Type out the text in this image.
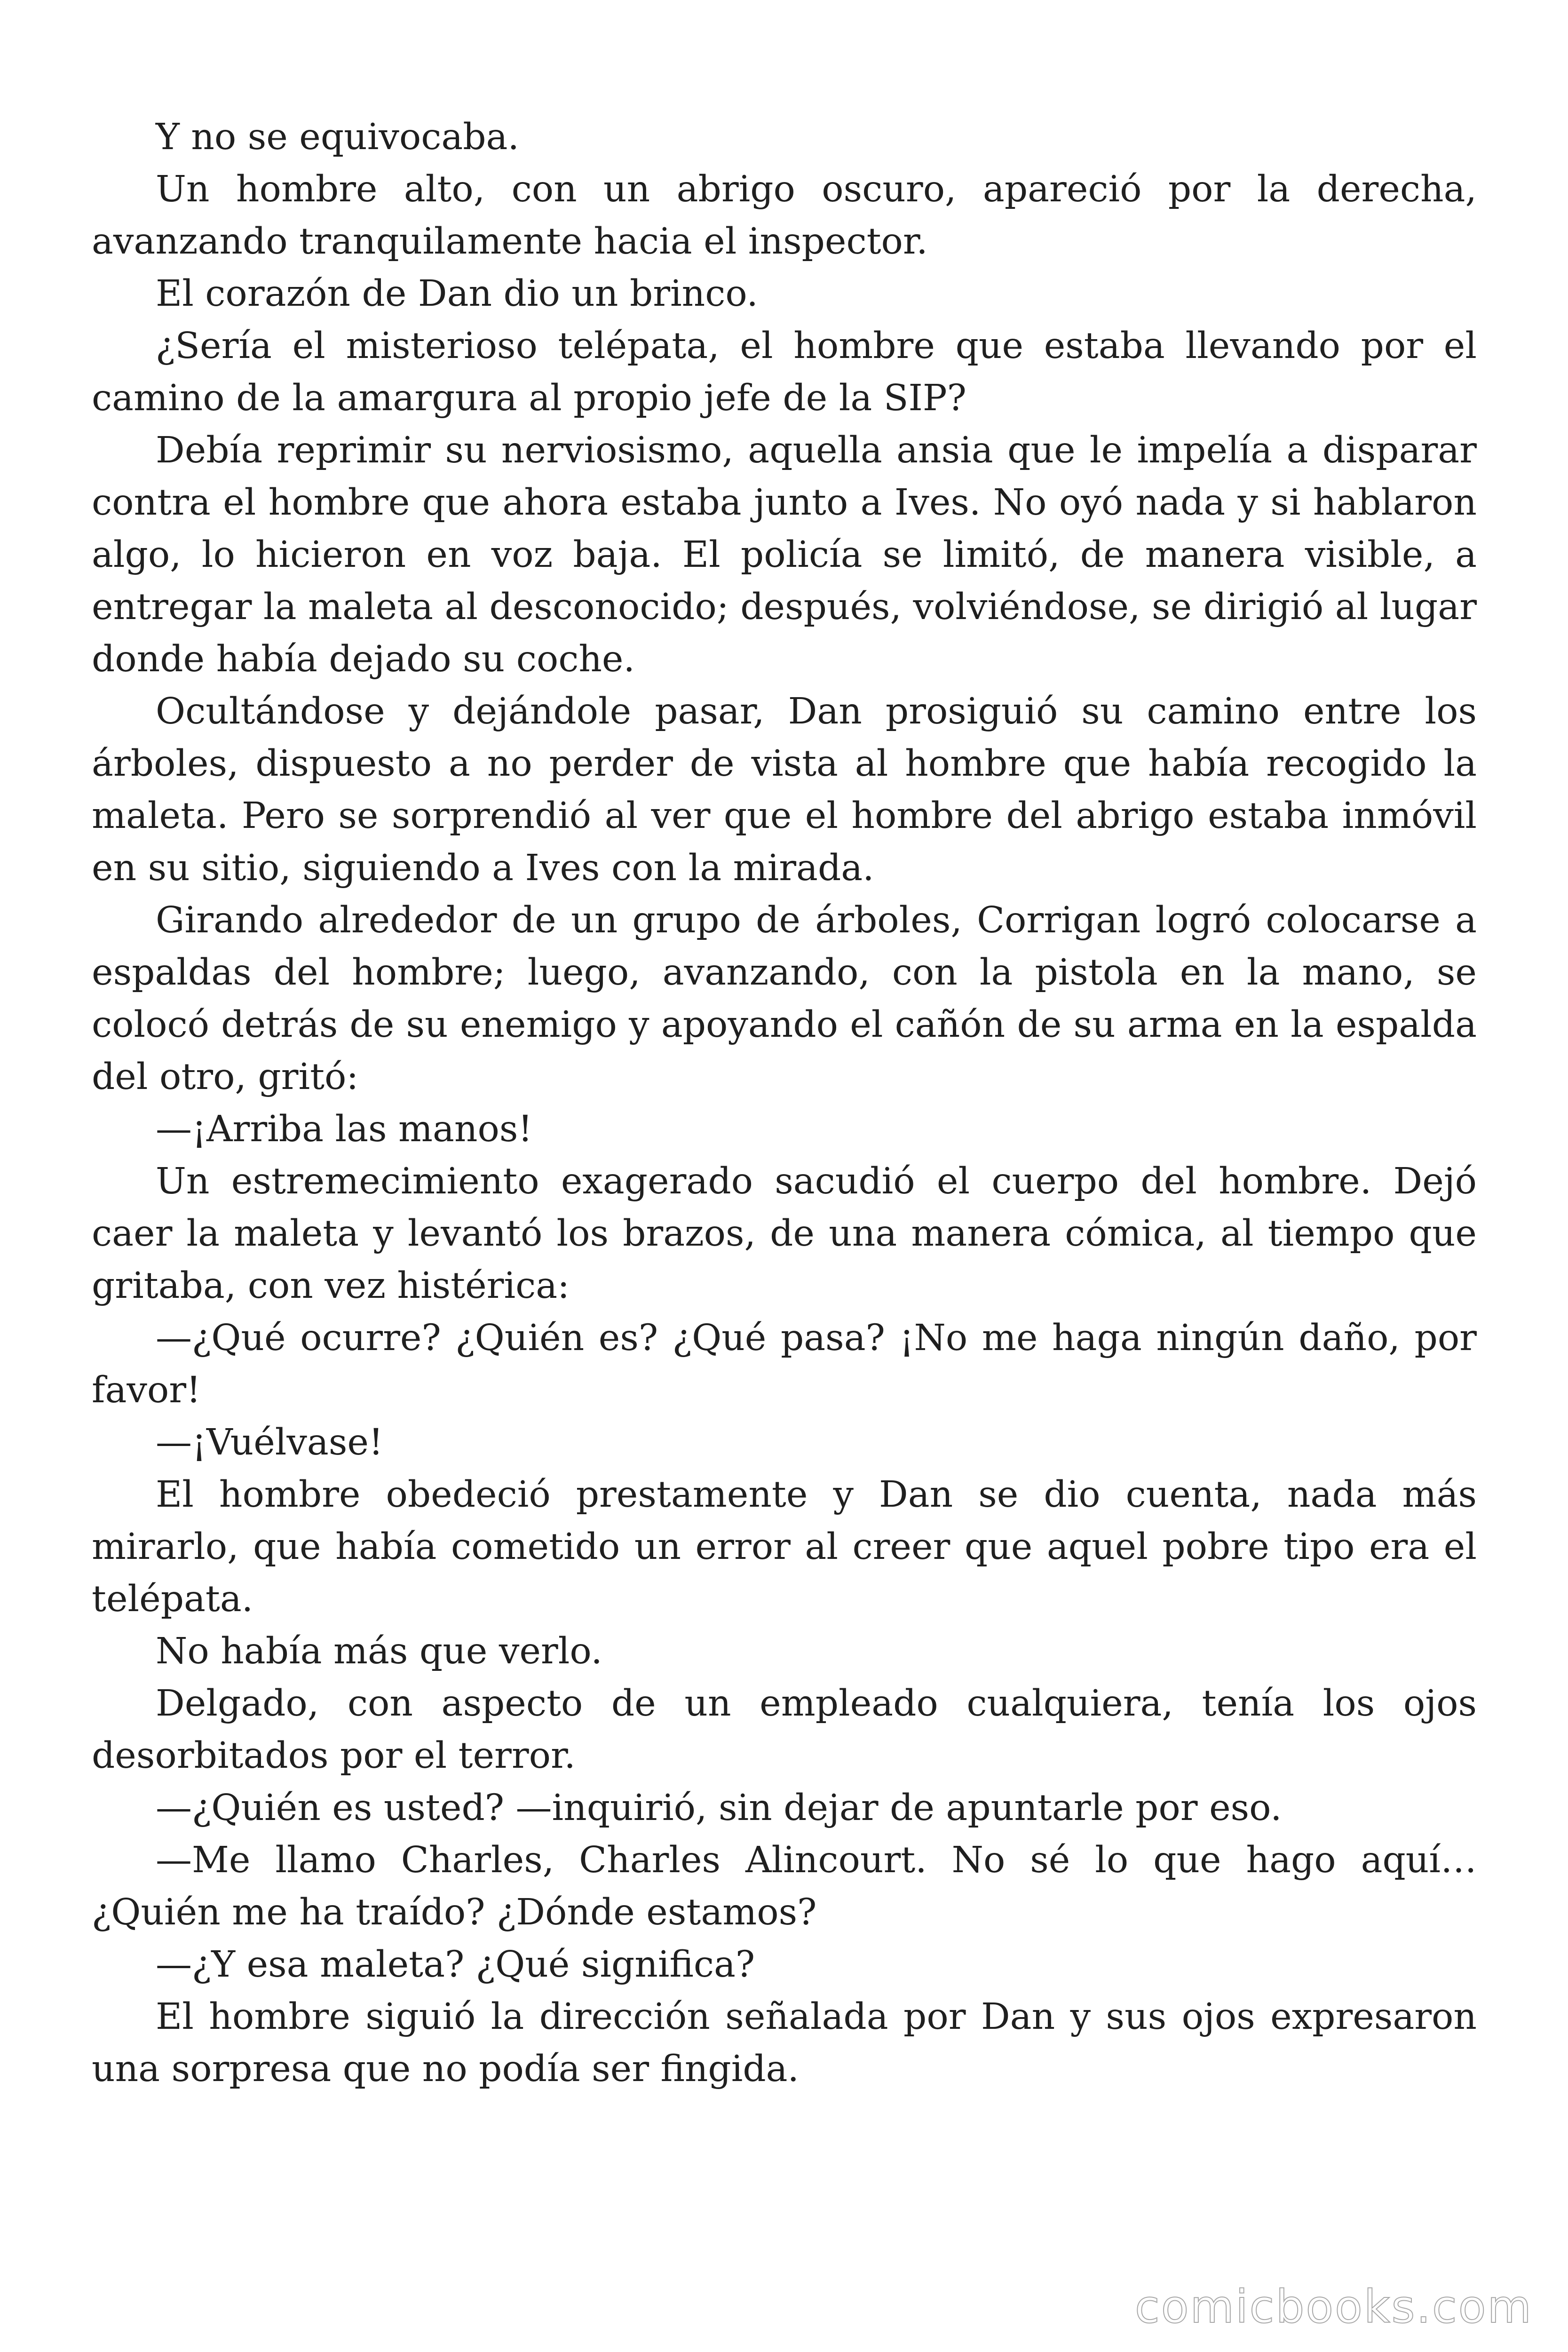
Y no se equivocaba.

Un hombre alto, con un abrigo oscuro, apareció por la derecha, avanzando tranquilamente hacia el inspector.

El corazón de Dan dio un brinco.

¿Sería el misterioso telépata, el hombre que estaba llevando por el camino de la amargura al propio jefe de la SIP?

Debía reprimir su nerviosismo, aquella ansia que le impelía a disparar contra el hombre que ahora estaba junto a Ives. No oyó nada y si hablaron algo, lo hicieron en voz baja. El policía se limitó, de manera visible, a entregar la maleta al desconocido; después, volviéndose, se dirigió al lugar donde había dejado su coche.

Ocultándose y dejándole pasar, Dan prosiguió su camino entre los árboles, dispuesto a no perder de vista al hombre que había recogido la maleta. Pero se sorprendió al ver que el hombre del abrigo estaba inmóvil en su sitio, siguiendo a Ives con la mirada.

Girando alrededor de un grupo de árboles, Corrigan logró colocarse a espaldas del hombre; luego, avanzando, con la pistola en la mano, se colocó detrás de su enemigo y apoyando el cañón de su arma en la espalda del otro, gritó:

—¡Arriba las manos!

Un estremecimiento exagerado sacudió el cuerpo del hombre. Dejó caer la maleta y levantó los brazos, de una manera cómica, al tiempo que gritaba, con vez histérica:

—¿Qué ocurre? ¿Quién es? ¿Qué pasa? ¡No me haga ningún daño, por favor!

—¡Vuélvase!

El hombre obedeció prestamente y Dan se dio cuenta, nada más mirarlo, que había cometido un error al creer que aquel pobre tipo era el telépata.

No había más que verlo.

Delgado, con aspecto de un empleado cualquiera, tenía los ojos desorbitados por el terror.

—¿Quién es usted? —inquirió, sin dejar de apuntarle por eso.

—Me llamo Charles, Charles Alincourt. No sé lo que hago aquí… ¿Quién me ha traído? ¿Dónde estamos?

—¿Y esa maleta? ¿Qué significa?

El hombre siguió la dirección señalada por Dan y sus ojos expresaron una sorpresa que no podía ser fingida.

comicbooks.com
